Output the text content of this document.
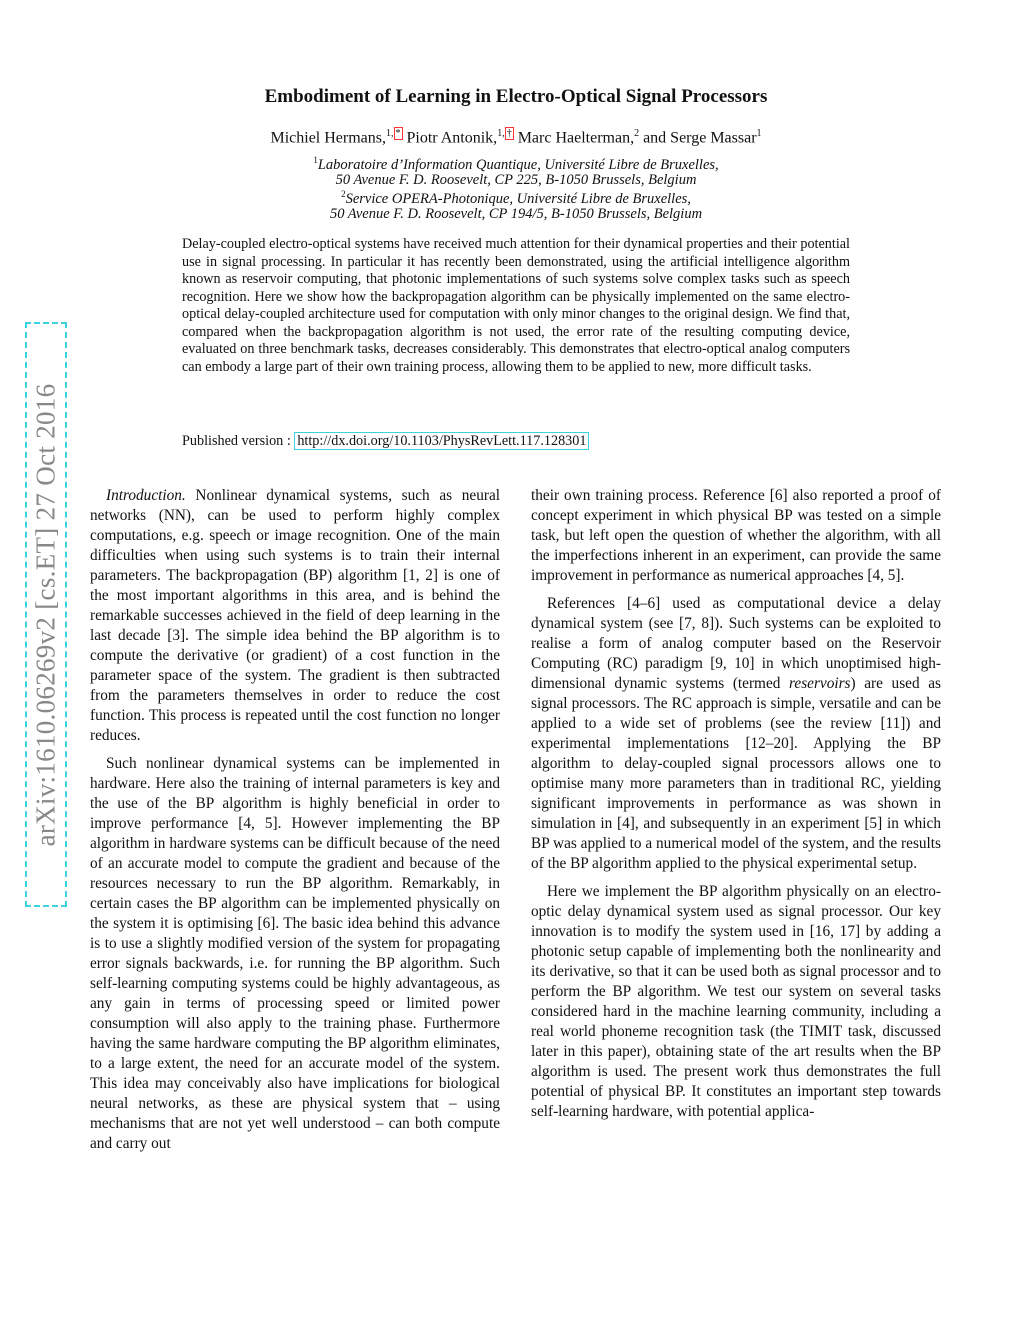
arXiv:1610.06269v2 [cs.ET] 27 Oct 2016
Embodiment of Learning in Electro-Optical Signal Processors
Michiel Hermans,$^{1,}$ * Piotr Antonik,$^{1,}$ † Marc Haelterman,$^2$ and Serge Massar$^1$
$^1$Laboratoire d’Information Quantique, Université Libre de Bruxelles,
50 Avenue F. D. Roosevelt, CP 225, B-1050 Brussels, Belgium
$^2$Service OPERA-Photonique, Université Libre de Bruxelles,
50 Avenue F. D. Roosevelt, CP 194/5, B-1050 Brussels, Belgium
Delay-coupled electro-optical systems have received much attention for their dynamical properties and their potential use in signal processing. In particular it has recently been demonstrated, using the artificial intelligence algorithm known as reservoir computing, that photonic implementations of such systems solve complex tasks such as speech recognition. Here we show how the backpropagation algorithm can be physically implemented on the same electro-optical delay-coupled architecture used for computation with only minor changes to the original design. We find that, compared when the backpropagation algorithm is not used, the error rate of the resulting computing device, evaluated on three benchmark tasks, decreases considerably. This demonstrates that electro-optical analog computers can embody a large part of their own training process, allowing them to be applied to new, more difficult tasks.
Published version : http://dx.doi.org/10.1103/PhysRevLett.117.128301

Introduction. Nonlinear dynamical systems, such as neural networks (NN), can be used to perform highly complex computations, e.g. speech or image recognition. One of the main difficulties when using such systems is to train their internal parameters. The backpropagation (BP) algorithm [1, 2] is one of the most important algorithms in this area, and is behind the remarkable successes achieved in the field of deep learning in the last decade [3]. The simple idea behind the BP algorithm is to compute the derivative (or gradient) of a cost function in the parameter space of the system. The gradient is then subtracted from the parameters themselves in order to reduce the cost function. This process is repeated until the cost function no longer reduces.

Such nonlinear dynamical systems can be implemented in hardware. Here also the training of internal parameters is key and the use of the BP algorithm is highly beneficial in order to improve performance [4, 5]. However implementing the BP algorithm in hardware systems can be difficult because of the need of an accurate model to compute the gradient and because of the resources necessary to run the BP algorithm. Remarkably, in certain cases the BP algorithm can be implemented physically on the system it is optimising [6]. The basic idea behind this advance is to use a slightly modified version of the system for propagating error signals backwards, i.e. for running the BP algorithm. Such self-learning computing systems could be highly advantageous, as any gain in terms of processing speed or limited power consumption will also apply to the training phase. Furthermore having the same hardware computing the BP algorithm eliminates, to a large extent, the need for an accurate model of the system. This idea may conceivably also have implications for biological neural networks, as these are physical system that – using mechanisms that are not yet well understood – can both compute and carry out

their own training process. Reference [6] also reported a proof of concept experiment in which physical BP was tested on a simple task, but left open the question of whether the algorithm, with all the imperfections inherent in an experiment, can provide the same improvement in performance as numerical approaches [4, 5].

References [4–6] used as computational device a delay dynamical system (see [7, 8]). Such systems can be exploited to realise a form of analog computer based on the Reservoir Computing (RC) paradigm [9, 10] in which unoptimised high-dimensional dynamic systems (termed reservoirs) are used as signal processors. The RC approach is simple, versatile and can be applied to a wide set of problems (see the review [11]) and experimental implementations [12–20]. Applying the BP algorithm to delay-coupled signal processors allows one to optimise many more parameters than in traditional RC, yielding significant improvements in performance as was shown in simulation in [4], and subsequently in an experiment [5] in which BP was applied to a numerical model of the system, and the results of the BP algorithm applied to the physical experimental setup.

Here we implement the BP algorithm physically on an electro-optic delay dynamical system used as signal processor. Our key innovation is to modify the system used in [16, 17] by adding a photonic setup capable of implementing both the nonlinearity and its derivative, so that it can be used both as signal processor and to perform the BP algorithm. We test our system on several tasks considered hard in the machine learning community, including a real world phoneme recognition task (the TIMIT task, discussed later in this paper), obtaining state of the art results when the BP algorithm is used. The present work thus demonstrates the full potential of physical BP. It constitutes an important step towards self-learning hardware, with potential applica-
